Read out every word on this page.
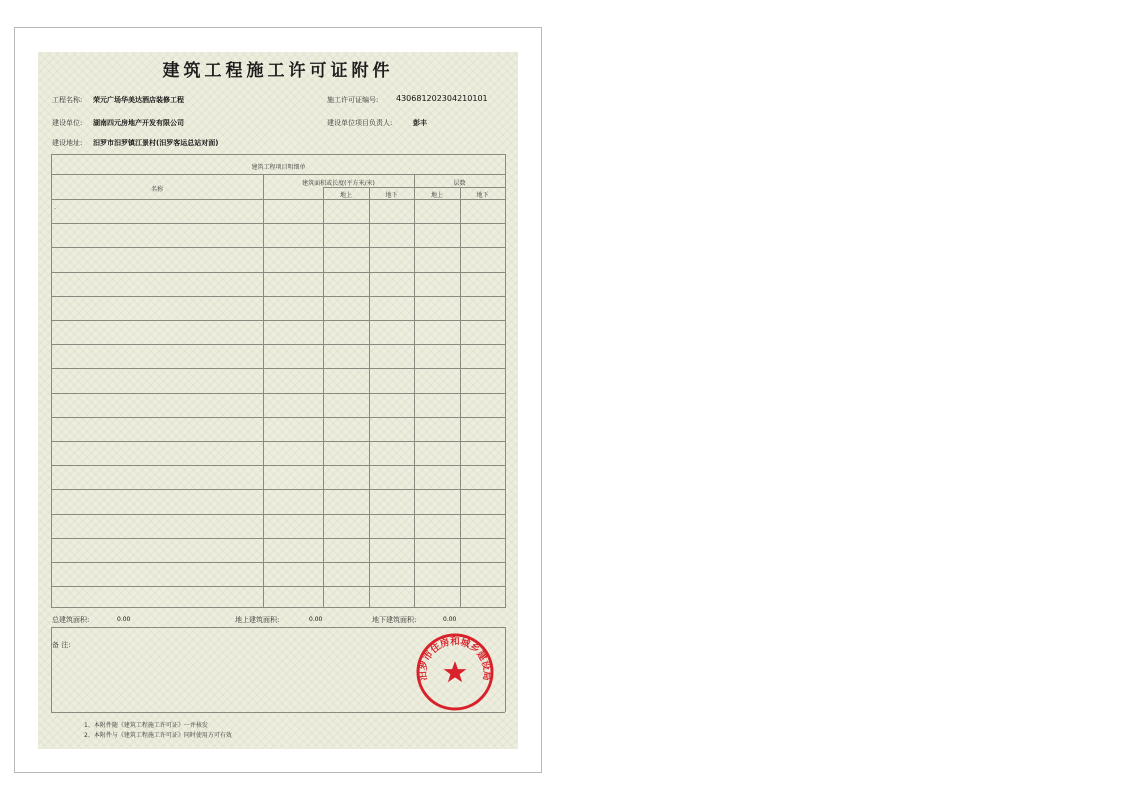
建筑工程施工许可证附件
工程名称: 荣元广场华美达酒店装修工程	施工许可证编号: 430681202304210101
建设单位: 湖南四元房地产开发有限公司	建设单位项目负责人:	彭丰
建设地址: 汨罗市汨罗镇江景村(汨罗客运总站对面)
建筑工程项目明细单
名称
建筑面积或长度(平方米/米)	层数
地上	地下	地上	地下
·
总建筑面积:	0.00	地上建筑面积:	0.00	地下建筑面积:	0.00
备 注:
汨罗市住房和城乡建设局
1、本附件随《建筑工程施工许可证》一并核发
2、本附件与《建筑工程施工许可证》同时使用方可有效
